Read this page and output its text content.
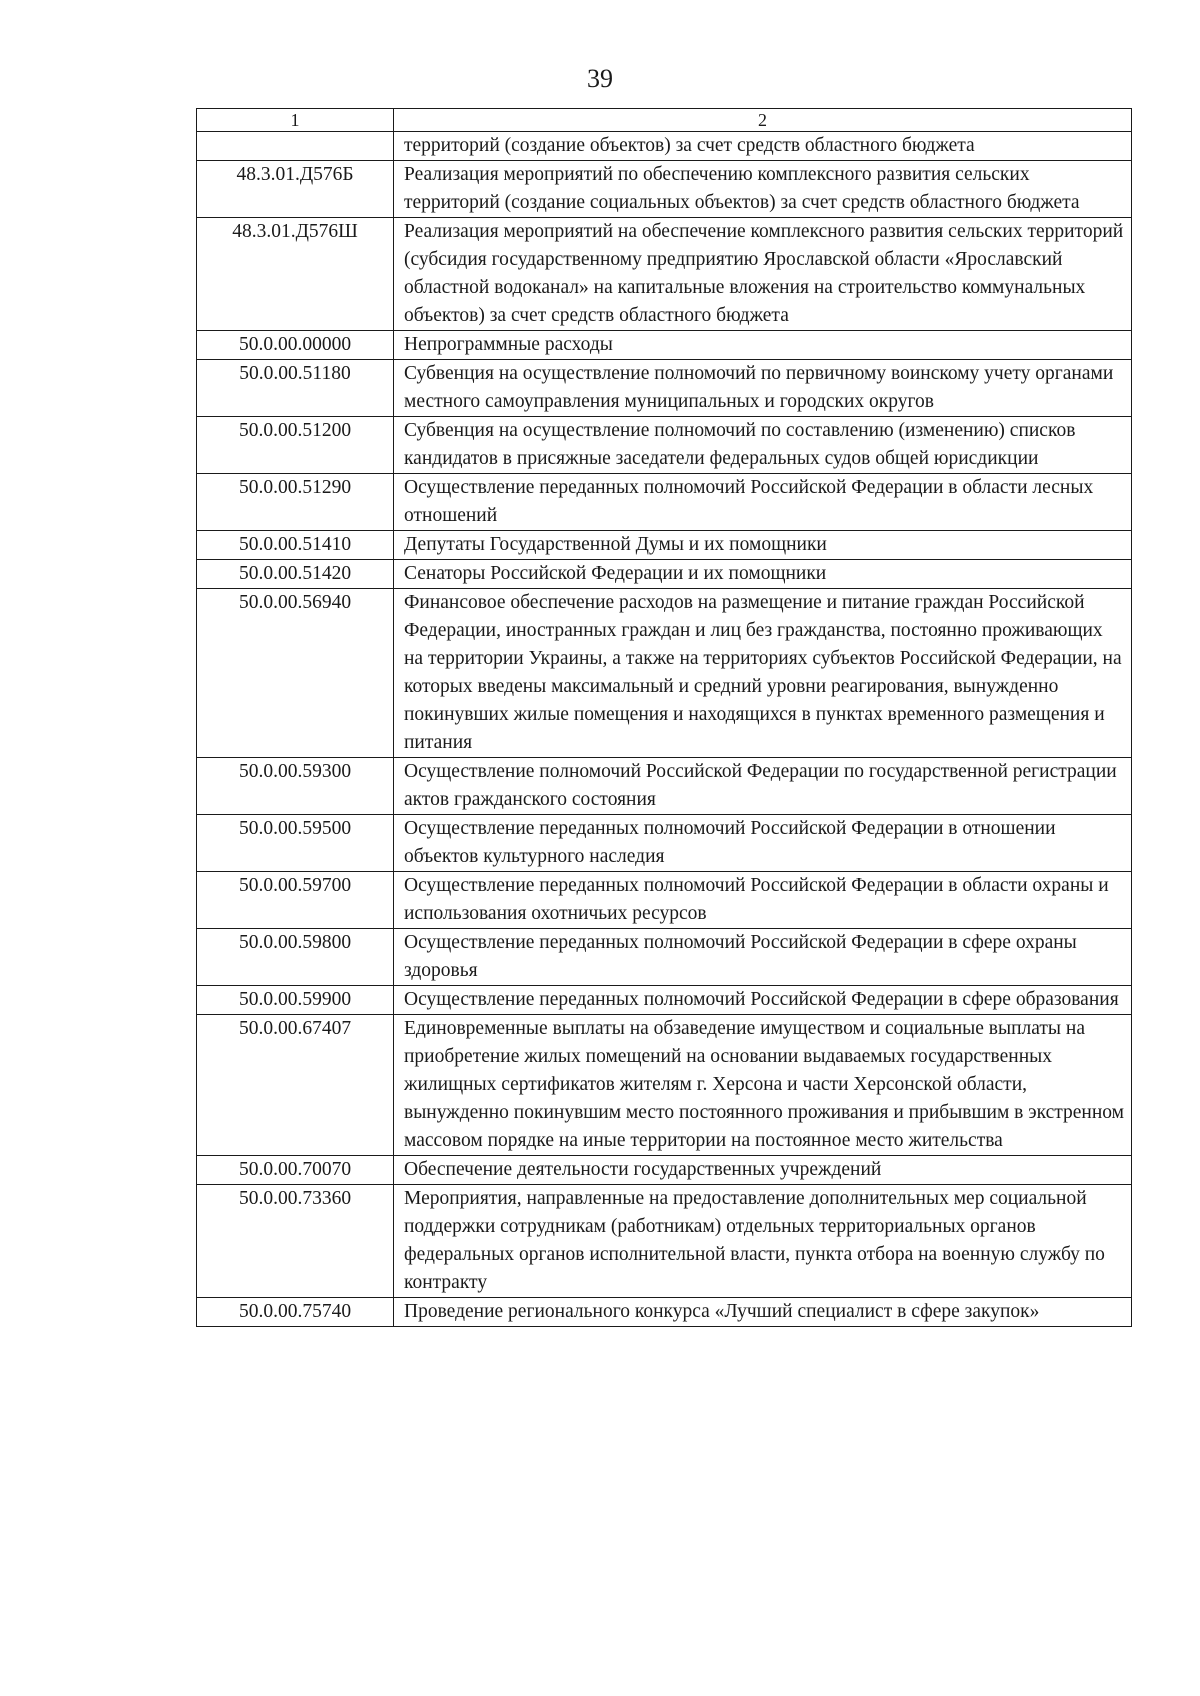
39
1	2
	территорий (создание объектов) за счет средств областного бюджета
48.3.01.Д576Б	Реализация мероприятий по обеспечению комплексного развития сельских территорий (создание социальных объектов) за счет средств областного бюджета
48.3.01.Д576Ш	Реализация мероприятий на обеспечение комплексного развития сельских территорий (субсидия государственному предприятию Ярославской области «Ярославский областной водоканал» на капитальные вложения на строительство коммунальных объектов) за счет средств областного бюджета
50.0.00.00000	Непрограммные расходы
50.0.00.51180	Субвенция на осуществление полномочий по первичному воинскому учету органами местного самоуправления муниципальных и городских округов
50.0.00.51200	Субвенция на осуществление полномочий по составлению (изменению) списков кандидатов в присяжные заседатели федеральных судов общей юрисдикции
50.0.00.51290	Осуществление переданных полномочий Российской Федерации в области лесных отношений
50.0.00.51410	Депутаты Государственной Думы и их помощники
50.0.00.51420	Сенаторы Российской Федерации и их помощники
50.0.00.56940	Финансовое обеспечение расходов на размещение и питание граждан Российской Федерации, иностранных граждан и лиц без гражданства, постоянно проживающих на территории Украины, а также на территориях субъектов Российской Федерации, на которых введены максимальный и средний уровни реагирования, вынужденно покинувших жилые помещения и находящихся в пунктах временного размещения и питания
50.0.00.59300	Осуществление полномочий Российской Федерации по государственной регистрации актов гражданского состояния
50.0.00.59500	Осуществление переданных полномочий Российской Федерации в отношении объектов культурного наследия
50.0.00.59700	Осуществление переданных полномочий Российской Федерации в области охраны и использования охотничьих ресурсов
50.0.00.59800	Осуществление переданных полномочий Российской Федерации в сфере охраны здоровья
50.0.00.59900	Осуществление переданных полномочий Российской Федерации в сфере образования
50.0.00.67407	Единовременные выплаты на обзаведение имуществом и социальные выплаты на приобретение жилых помещений на основании выдаваемых государственных жилищных сертификатов жителям г. Херсона и части Херсонской области, вынужденно покинувшим место постоянного проживания и прибывшим в экстренном массовом порядке на иные территории на постоянное место жительства
50.0.00.70070	Обеспечение деятельности государственных учреждений
50.0.00.73360	Мероприятия, направленные на предоставление дополнительных мер социальной поддержки сотрудникам (работникам) отдельных территориальных органов федеральных органов исполнительной власти, пункта отбора на военную службу по контракту
50.0.00.75740	Проведение регионального конкурса «Лучший специалист в сфере закупок»
